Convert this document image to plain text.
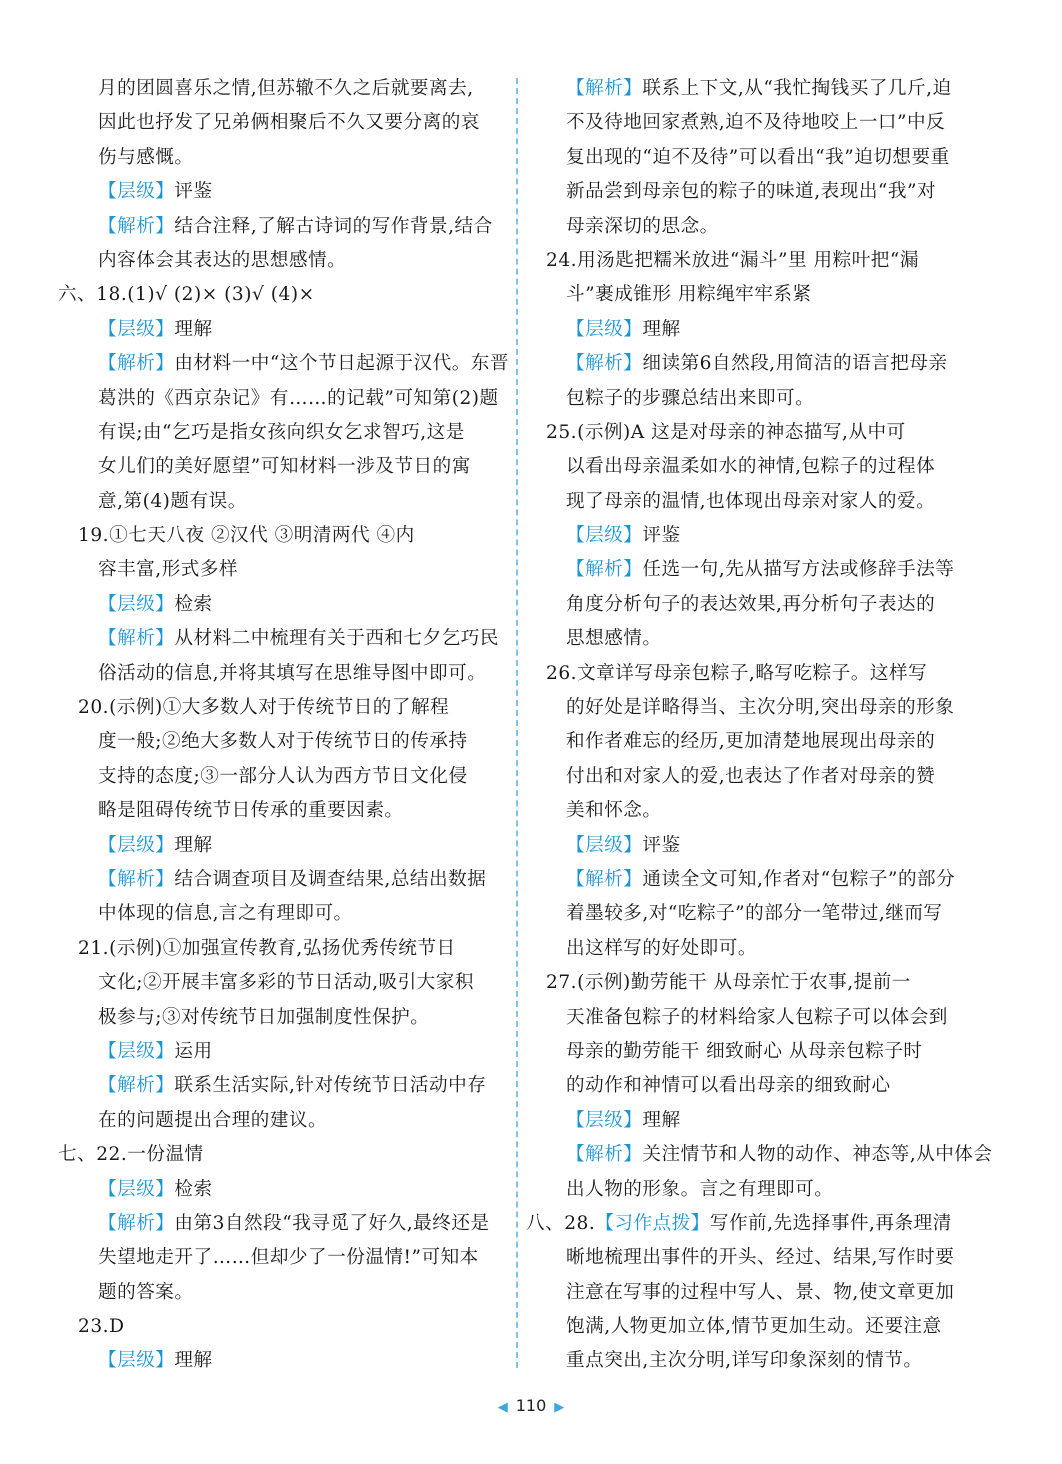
月的团圆喜乐之情,但苏辙不久之后就要离去,
因此也抒发了兄弟俩相聚后不久又要分离的哀
伤与感慨。
【层级】评鉴
【解析】结合注释,了解古诗词的写作背景,结合
内容体会其表达的思想感情。
六、18.(1)√ (2)× (3)√ (4)×
【层级】理解
【解析】由材料一中“这个节日起源于汉代。东晋
葛洪的《西京杂记》有……的记载”可知第(2)题
有误;由“乞巧是指女孩向织女乞求智巧,这是
女儿们的美好愿望”可知材料一涉及节日的寓
意,第(4)题有误。
19.①七天八夜 ②汉代 ③明清两代 ④内
容丰富,形式多样
【层级】检索
【解析】从材料二中梳理有关于西和七夕乞巧民
俗活动的信息,并将其填写在思维导图中即可。
20.(示例)①大多数人对于传统节日的了解程
度一般;②绝大多数人对于传统节日的传承持
支持的态度;③一部分人认为西方节日文化侵
略是阻碍传统节日传承的重要因素。
【层级】理解
【解析】结合调查项目及调查结果,总结出数据
中体现的信息,言之有理即可。
21.(示例)①加强宣传教育,弘扬优秀传统节日
文化;②开展丰富多彩的节日活动,吸引大家积
极参与;③对传统节日加强制度性保护。
【层级】运用
【解析】联系生活实际,针对传统节日活动中存
在的问题提出合理的建议。
七、22.一份温情
【层级】检索
【解析】由第3自然段“我寻觅了好久,最终还是
失望地走开了……但却少了一份温情!”可知本
题的答案。
23.D
【层级】理解
【解析】联系上下文,从“我忙掏钱买了几斤,迫
不及待地回家煮熟,迫不及待地咬上一口”中反
复出现的“迫不及待”可以看出“我”迫切想要重
新品尝到母亲包的粽子的味道,表现出“我”对
母亲深切的思念。
24.用汤匙把糯米放进“漏斗”里 用粽叶把“漏
斗”裹成锥形 用粽绳牢牢系紧
【层级】理解
【解析】细读第6自然段,用简洁的语言把母亲
包粽子的步骤总结出来即可。
25.(示例)A 这是对母亲的神态描写,从中可
以看出母亲温柔如水的神情,包粽子的过程体
现了母亲的温情,也体现出母亲对家人的爱。
【层级】评鉴
【解析】任选一句,先从描写方法或修辞手法等
角度分析句子的表达效果,再分析句子表达的
思想感情。
26.文章详写母亲包粽子,略写吃粽子。这样写
的好处是详略得当、主次分明,突出母亲的形象
和作者难忘的经历,更加清楚地展现出母亲的
付出和对家人的爱,也表达了作者对母亲的赞
美和怀念。
【层级】评鉴
【解析】通读全文可知,作者对“包粽子”的部分
着墨较多,对“吃粽子”的部分一笔带过,继而写
出这样写的好处即可。
27.(示例)勤劳能干 从母亲忙于农事,提前一
天准备包粽子的材料给家人包粽子可以体会到
母亲的勤劳能干 细致耐心 从母亲包粽子时
的动作和神情可以看出母亲的细致耐心
【层级】理解
【解析】关注情节和人物的动作、神态等,从中体会
出人物的形象。言之有理即可。
八、28.【习作点拨】写作前,先选择事件,再条理清
晰地梳理出事件的开头、经过、结果,写作时要
注意在写事的过程中写人、景、物,使文章更加
饱满,人物更加立体,情节更加生动。还要注意
重点突出,主次分明,详写印象深刻的情节。
◀ 110 ▶
